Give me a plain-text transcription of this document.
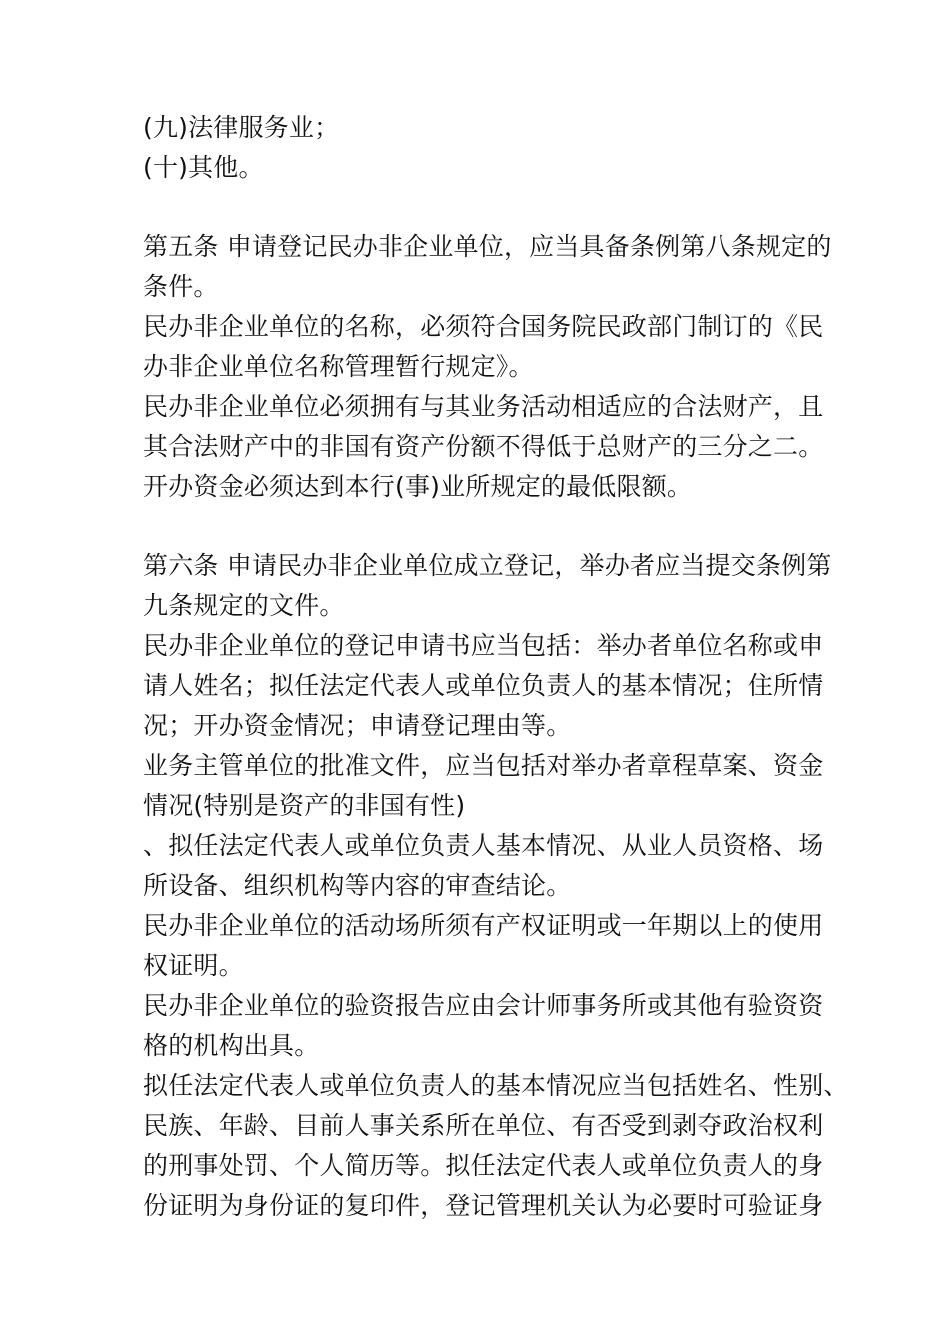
(九)法律服务业；
(十)其他。
第五条 申请登记民办非企业单位，应当具备条例第八条规定的
条件。
民办非企业单位的名称，必须符合国务院民政部门制订的《民
办非企业单位名称管理暂行规定》。
民办非企业单位必须拥有与其业务活动相适应的合法财产，且
其合法财产中的非国有资产份额不得低于总财产的三分之二。
开办资金必须达到本行(事)业所规定的最低限额。
第六条 申请民办非企业单位成立登记，举办者应当提交条例第
九条规定的文件。
民办非企业单位的登记申请书应当包括：举办者单位名称或申
请人姓名；拟任法定代表人或单位负责人的基本情况；住所情
况；开办资金情况；申请登记理由等。
业务主管单位的批准文件，应当包括对举办者章程草案、资金
情况(特别是资产的非国有性)
、拟任法定代表人或单位负责人基本情况、从业人员资格、场
所设备、组织机构等内容的审查结论。
民办非企业单位的活动场所须有产权证明或一年期以上的使用
权证明。
民办非企业单位的验资报告应由会计师事务所或其他有验资资
格的机构出具。
拟任法定代表人或单位负责人的基本情况应当包括姓名、性别、
民族、年龄、目前人事关系所在单位、有否受到剥夺政治权利
的刑事处罚、个人简历等。拟任法定代表人或单位负责人的身
份证明为身份证的复印件，登记管理机关认为必要时可验证身
